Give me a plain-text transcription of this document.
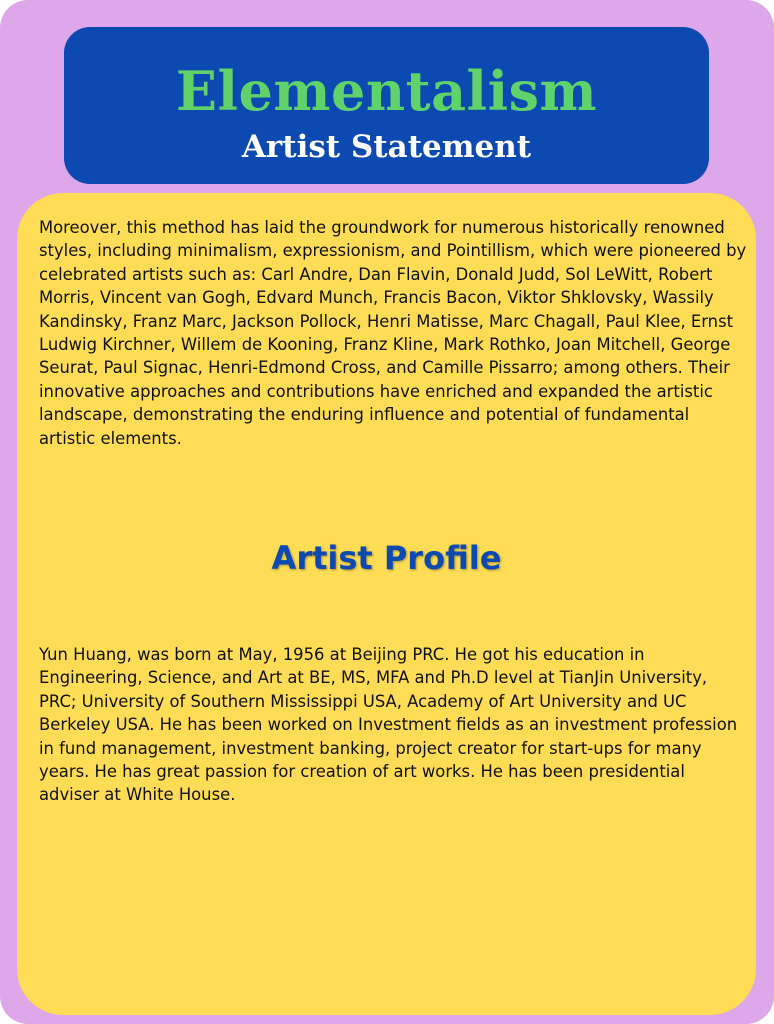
Elementalism
Artist Statement

Moreover, this method has laid the groundwork for numerous historically renowned styles, including minimalism, expressionism, and Pointillism, which were pioneered by celebrated artists such as: Carl Andre, Dan Flavin, Donald Judd, Sol LeWitt, Robert Morris, Vincent van Gogh, Edvard Munch, Francis Bacon, Viktor Shklovsky, Wassily Kandinsky, Franz Marc, Jackson Pollock, Henri Matisse, Marc Chagall, Paul Klee, Ernst Ludwig Kirchner, Willem de Kooning, Franz Kline, Mark Rothko, Joan Mitchell, George Seurat, Paul Signac, Henri-Edmond Cross, and Camille Pissarro; among others. Their innovative approaches and contributions have enriched and expanded the artistic landscape, demonstrating the enduring influence and potential of fundamental artistic elements.

Artist Profile

Yun Huang, was born at May, 1956 at Beijing PRC. He got his education in Engineering, Science, and Art at BE, MS, MFA and Ph.D level at TianJin University, PRC; University of Southern Mississippi USA, Academy of Art University and UC Berkeley USA. He has been worked on Investment fields as an investment profession in fund management, investment banking, project creator for start-ups for many years. He has great passion for creation of art works. He has been presidential adviser at White House.
